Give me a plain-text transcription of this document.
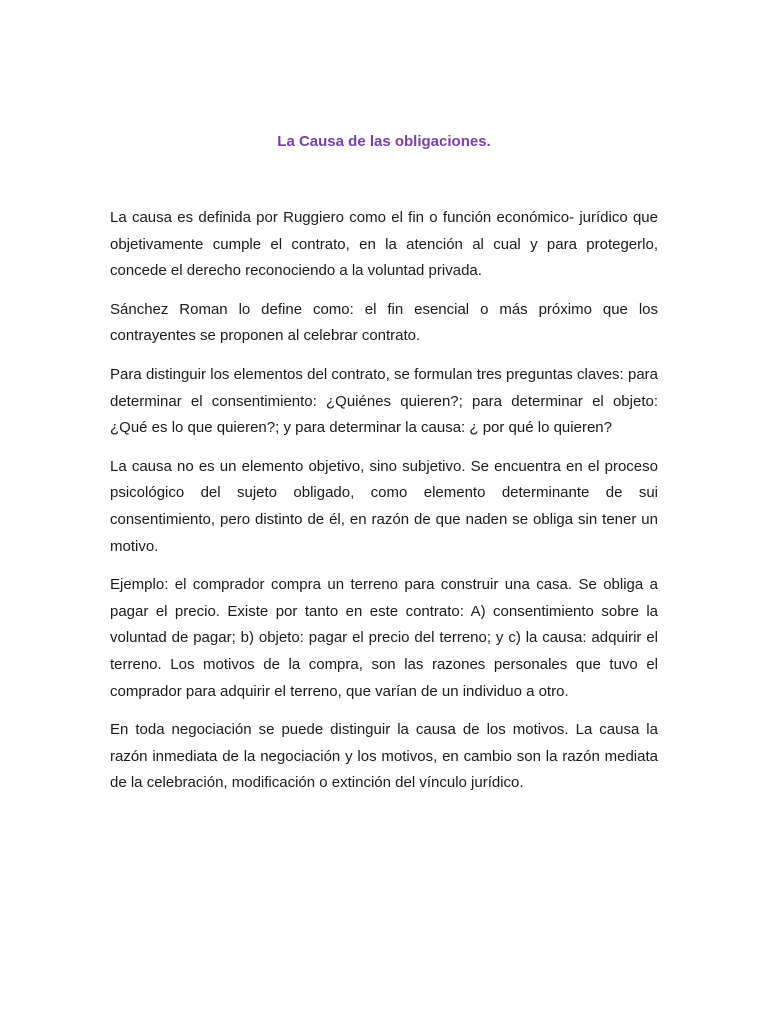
La Causa de las obligaciones.

La causa es definida por Ruggiero como el fin o función económico- jurídico que objetivamente cumple el contrato, en la atención al cual y para protegerlo, concede el derecho reconociendo a la voluntad privada.

Sánchez Roman lo define como: el fin esencial o más próximo que los contrayentes se proponen al celebrar contrato.

Para distinguir los elementos del contrato, se formulan tres preguntas claves: para determinar el consentimiento: ¿Quiénes quieren?; para determinar el objeto: ¿Qué es lo que quieren?; y para determinar la causa: ¿ por qué lo quieren?

La causa no es un elemento objetivo, sino subjetivo. Se encuentra en el proceso psicológico del sujeto obligado, como elemento determinante de sui consentimiento, pero distinto de él, en razón de que naden se obliga sin tener un motivo.

Ejemplo: el comprador compra un terreno para construir una casa. Se obliga a pagar el precio. Existe por tanto en este contrato: A) consentimiento sobre la voluntad de pagar; b) objeto: pagar el precio del terreno; y c) la causa: adquirir el terreno. Los motivos de la compra, son las razones personales que tuvo el comprador para adquirir el terreno, que varían de un individuo a otro.

En toda negociación se puede distinguir la causa de los motivos. La causa la razón inmediata de la negociación y los motivos, en cambio son la razón mediata de la celebración, modificación o extinción del vínculo jurídico.
